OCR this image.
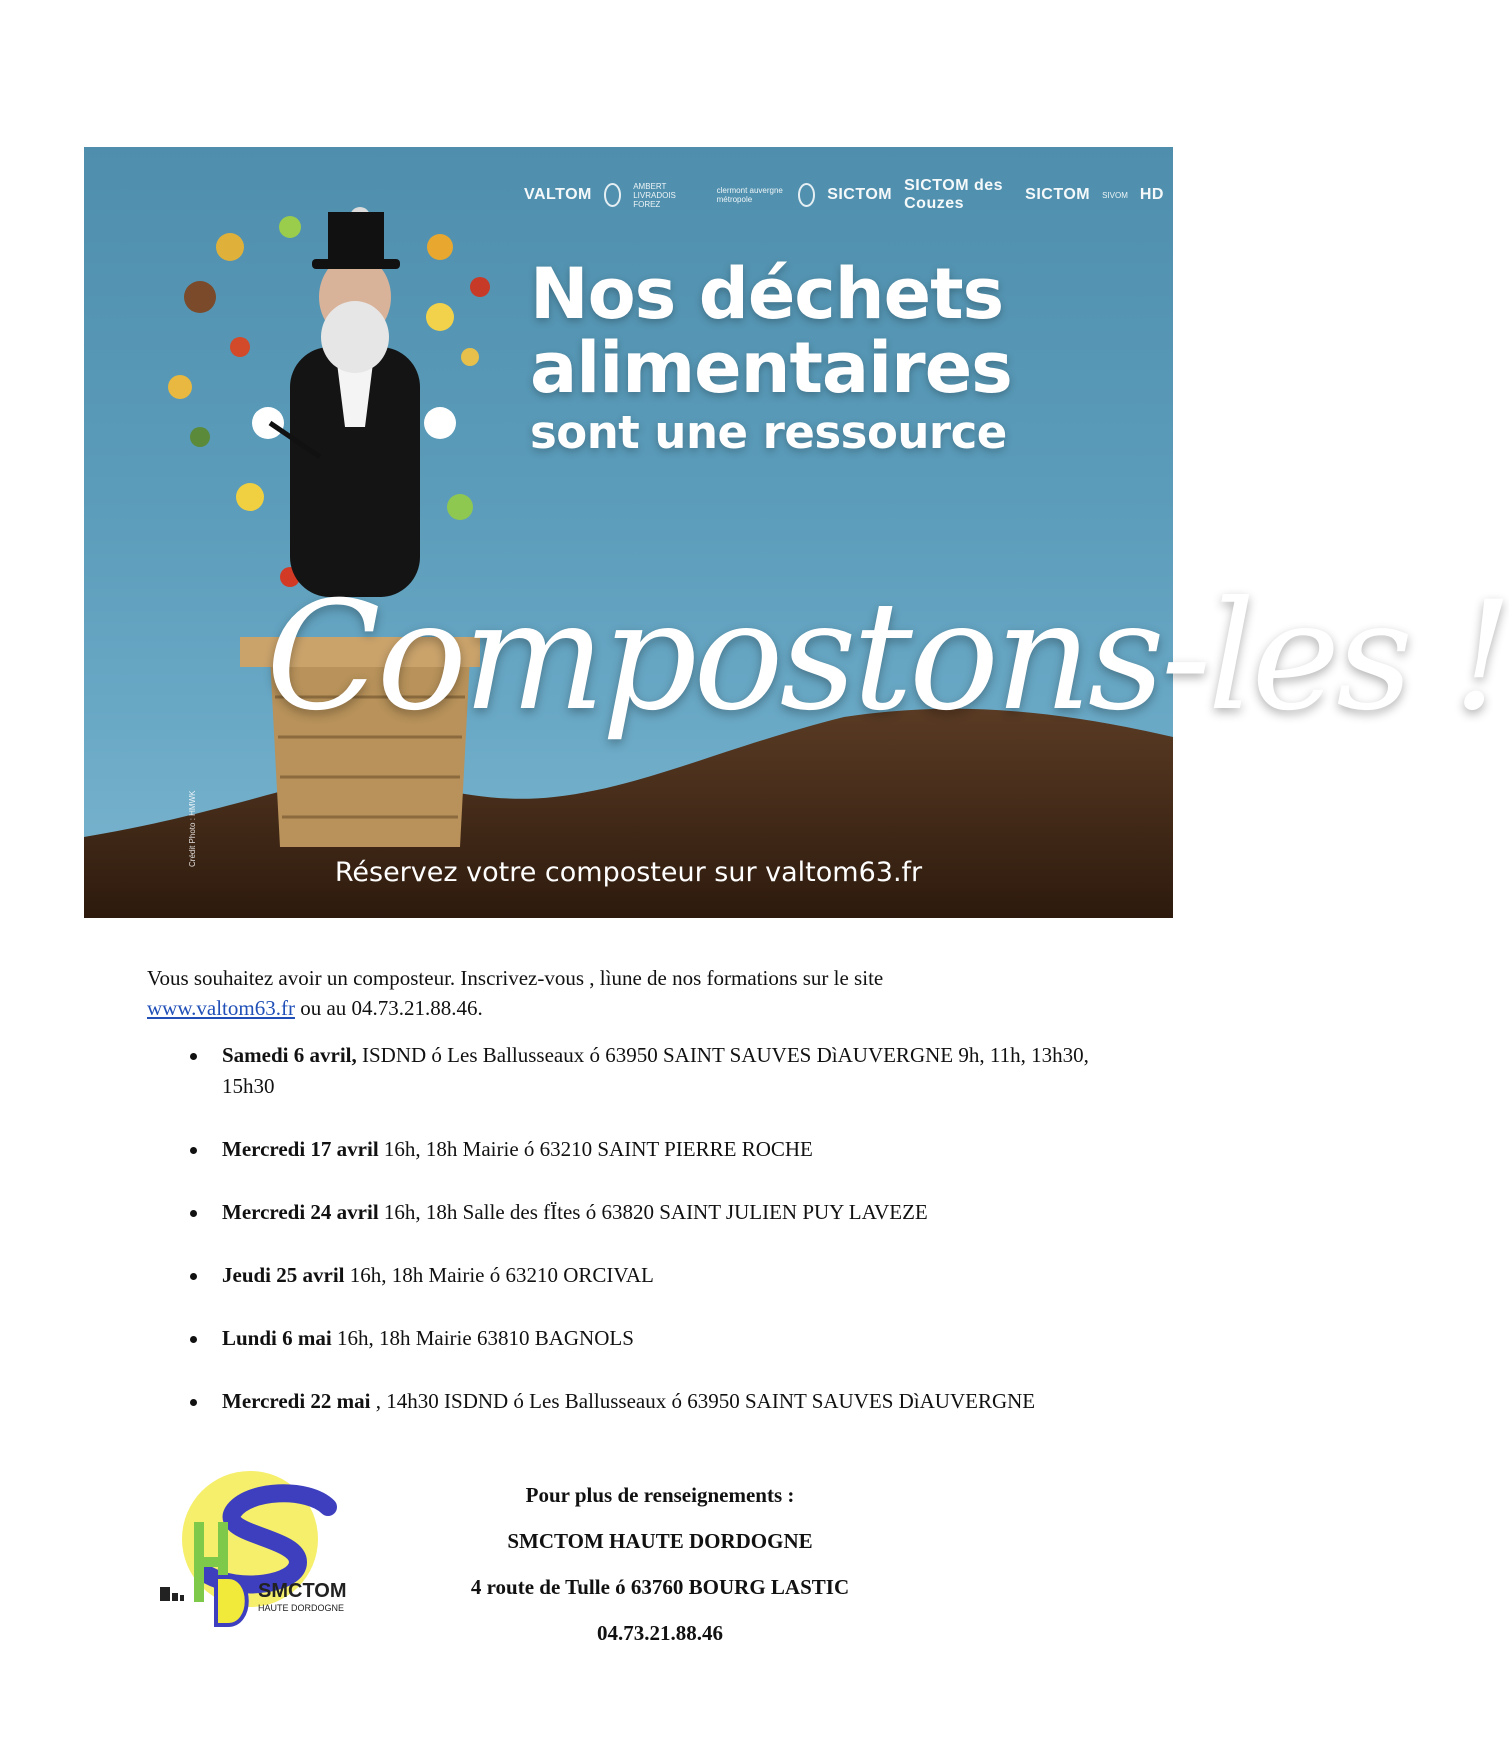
VALTOM	AMBERT LIVRADOIS FOREZ
clermont auvergne métropole	SICTOM
SICTOM des Couzes
SICTOM SIVOM HD
Nos déchets
alimentaires
sont une ressource
Compostons-les !
Crédit Photo : HMWK
Réservez votre composteur sur valtom63.fr
Vous souhaitez avoir un composteur. Inscrivez-vous , lìune de nos formations sur le site
www.valtom63.fr ou au 04.73.21.88.46.
Samedi 6 avril, ISDND ó Les Ballusseaux ó 63950 SAINT SAUVES DìAUVERGNE 9h, 11h, 13h30, 15h30
Mercredi 17 avril 16h, 18h Mairie ó 63210 SAINT PIERRE ROCHE
Mercredi 24 avril 16h, 18h Salle des fÏtes ó 63820 SAINT JULIEN PUY LAVEZE
Jeudi 25 avril 16h, 18h Mairie ó 63210 ORCIVAL
Lundi 6 mai 16h, 18h Mairie 63810 BAGNOLS
Mercredi 22 mai , 14h30 ISDND ó Les Ballusseaux ó 63950 SAINT SAUVES DìAUVERGNE
SMCTOM
HAUTE DORDOGNE
Pour plus de renseignements :
SMCTOM HAUTE DORDOGNE
4 route de Tulle ó 63760 BOURG LASTIC
04.73.21.88.46
